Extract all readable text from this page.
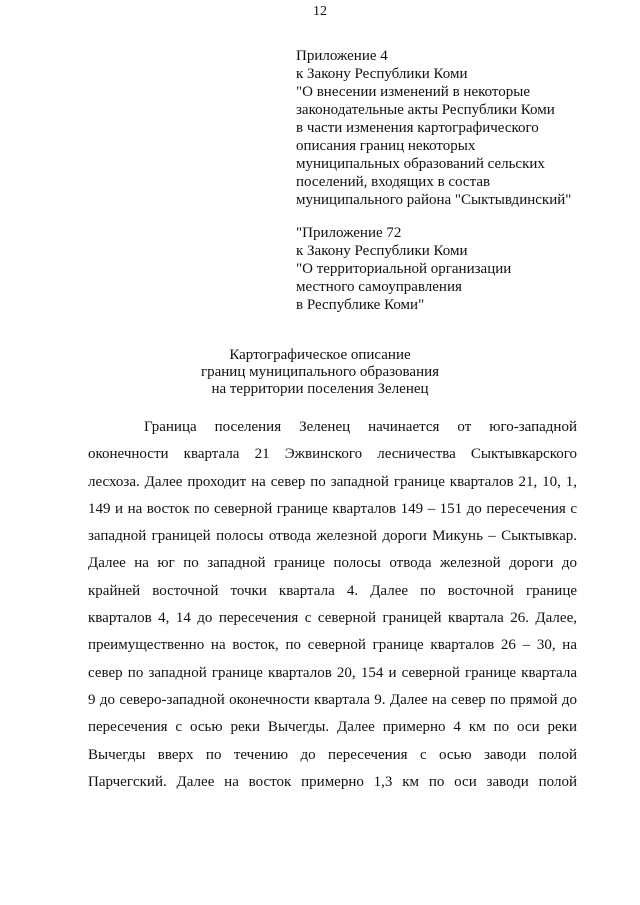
12
Приложение 4
к Закону Республики Коми
"О внесении изменений в некоторые
законодательные акты Республики Коми
в части изменения картографического
описания границ некоторых
муниципальных образований сельских
поселений, входящих в состав
муниципального района "Сыктывдинский"
"Приложение 72
к Закону Республики Коми
"О территориальной организации
местного самоуправления
в Республике Коми"
Картографическое описание
границ муниципального образования
на территории поселения Зеленец
Граница поселения Зеленец начинается от юго-западной
оконечности квартала 21 Эжвинского лесничества Сыктывкарского
лесхоза. Далее проходит на север по западной границе кварталов 21, 10, 1,
149 и на восток по северной границе кварталов 149 – 151 до пересечения с
западной границей полосы отвода железной дороги Микунь – Сыктывкар.
Далее на юг по западной границе полосы отвода железной дороги до
крайней восточной точки квартала 4. Далее по восточной границе
кварталов 4, 14 до пересечения с северной границей квартала 26. Далее,
преимущественно на восток, по северной границе кварталов 26 – 30, на
север по западной границе кварталов 20, 154 и северной границе квартала
9 до северо-западной оконечности квартала 9. Далее на север по прямой до
пересечения с осью реки Вычегды. Далее примерно 4 км по оси реки
Вычегды вверх по течению до пересечения с осью заводи полой
Парчегский. Далее на восток примерно 1,3 км по оси заводи полой
